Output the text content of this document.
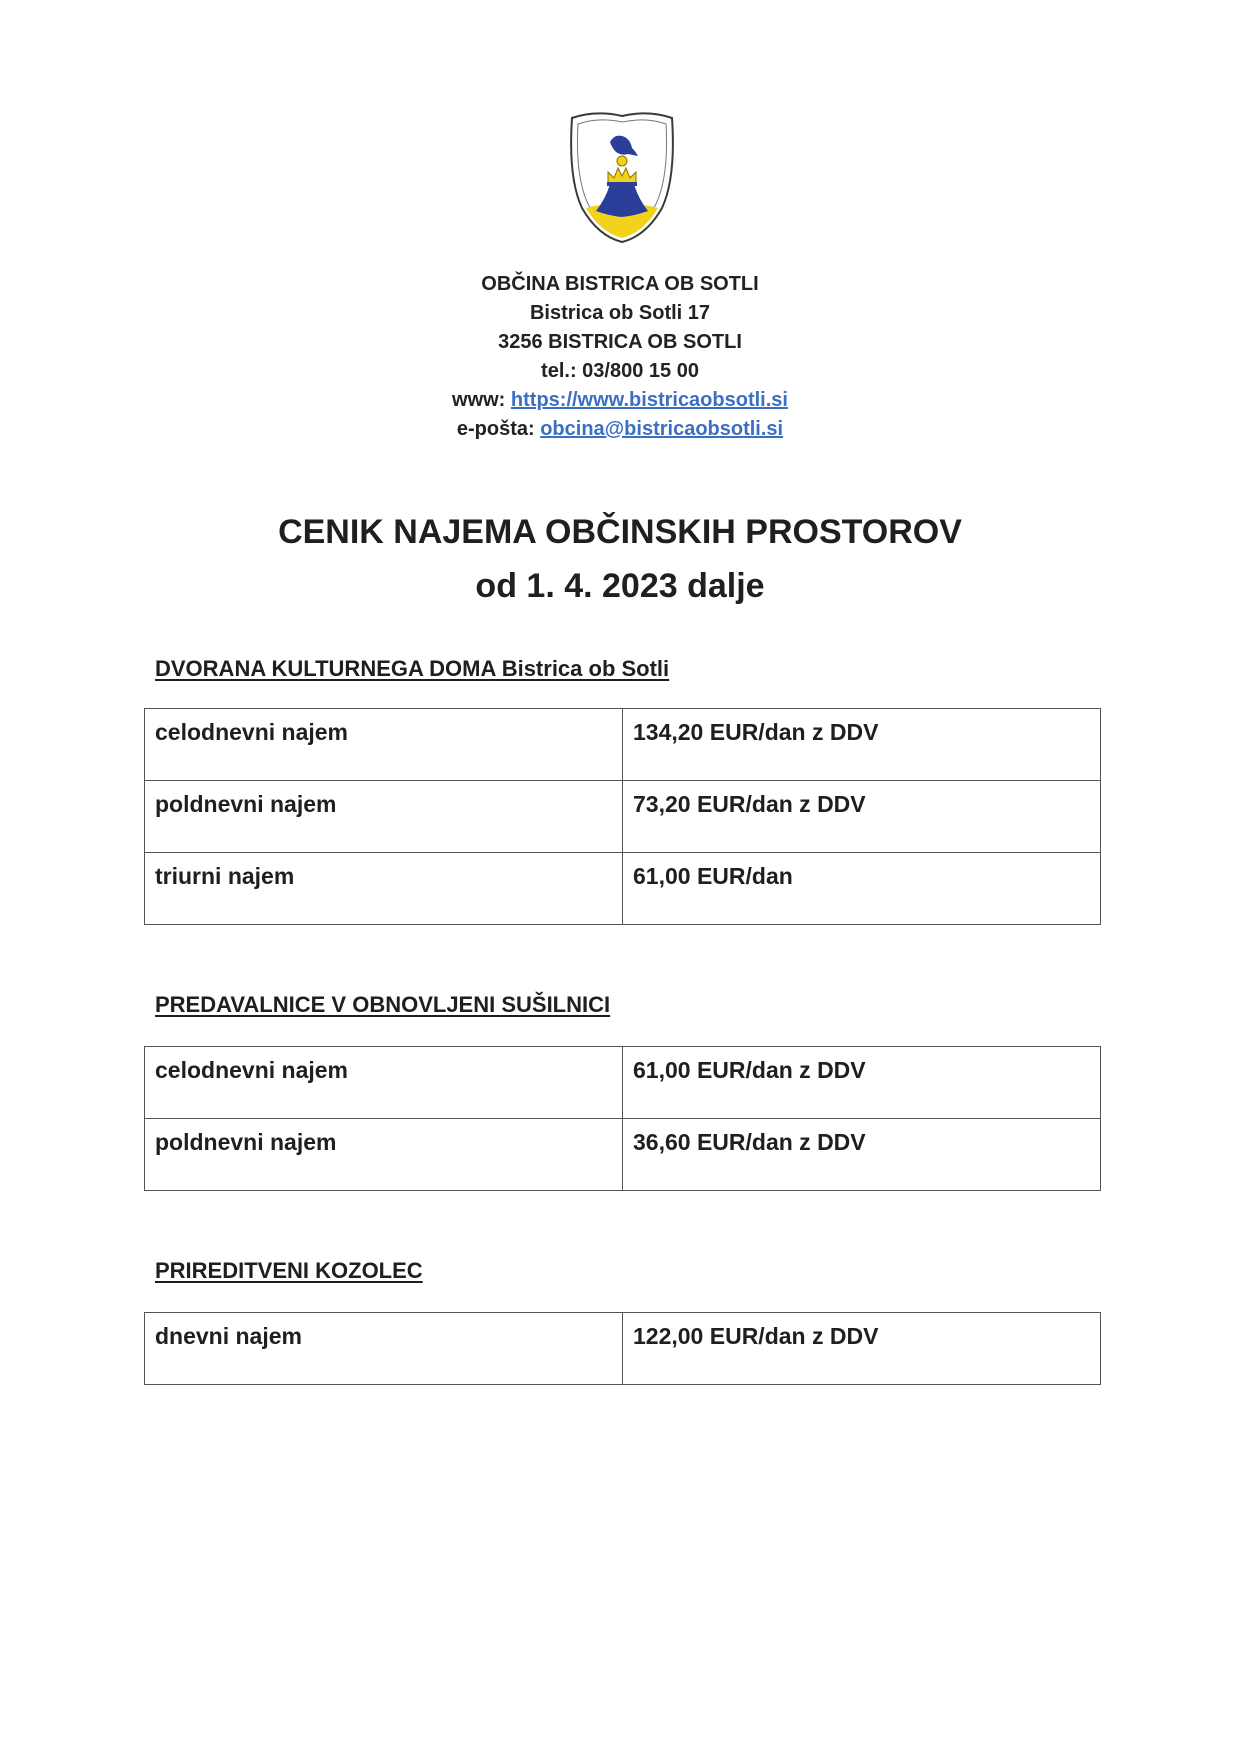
OBČINA BISTRICA OB SOTLI
Bistrica ob Sotli 17
3256 BISTRICA OB SOTLI
tel.: 03/800 15 00
www: https://www.bistricaobsotli.si
e-pošta: obcina@bistricaobsotli.si
CENIK NAJEMA OBČINSKIH PROSTOROV
od 1. 4. 2023 dalje
DVORANA KULTURNEGA DOMA Bistrica ob Sotli
celodnevni najem	134,20 EUR/dan z DDV
poldnevni najem	73,20 EUR/dan z DDV
triurni najem	61,00 EUR/dan
PREDAVALNICE V OBNOVLJENI SUŠILNICI
celodnevni najem	61,00 EUR/dan z DDV
poldnevni najem	36,60 EUR/dan z DDV
PRIREDITVENI KOZOLEC
dnevni najem	122,00 EUR/dan z DDV
